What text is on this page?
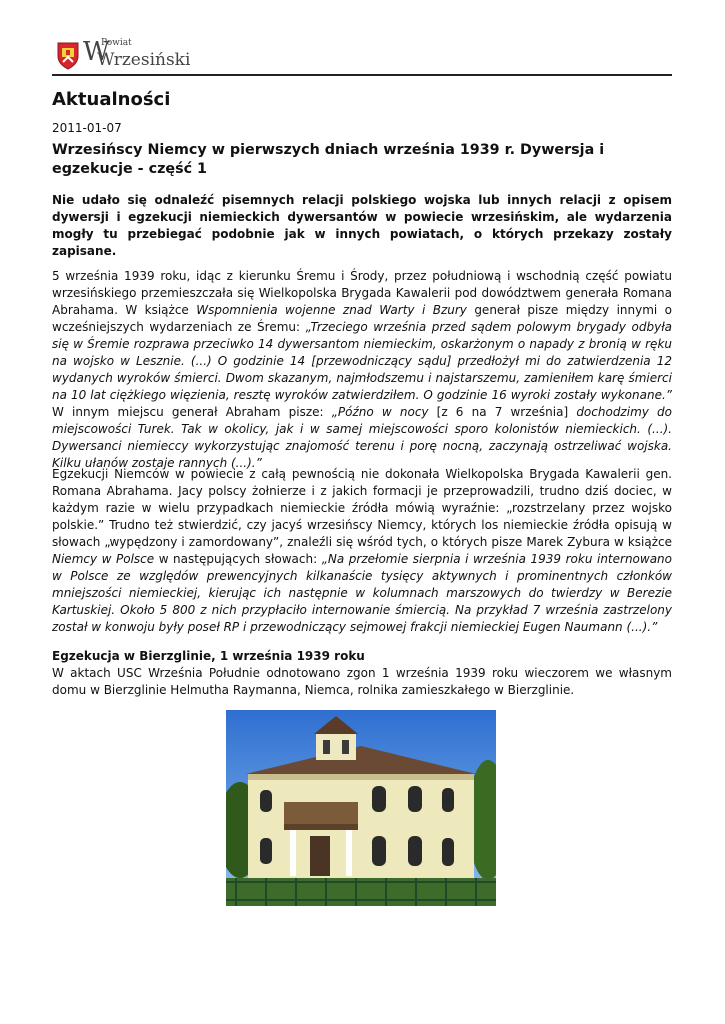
W
Powiat
Wrzesiński
Aktualności
2011-01-07
Wrzesińscy Niemcy w pierwszych dniach września 1939 r. Dywersja i egzekucje - część 1

Nie udało się odnaleźć pisemnych relacji polskiego wojska lub innych relacji z opisem dywersji i egzekucji niemieckich dywersantów w powiecie wrzesińskim, ale wydarzenia mogły tu przebiegać podobnie jak w innych powiatach, o których przekazy zostały zapisane.

5 września 1939 roku, idąc z kierunku Śremu i Środy, przez południową i wschodnią część powiatu wrzesińskiego przemieszczała się Wielkopolska Brygada Kawalerii pod dowództwem generała Romana Abrahama. W książce Wspomnienia wojenne znad Warty i Bzury generał pisze między innymi o wcześniejszych wydarzeniach ze Śremu: „Trzeciego września przed sądem polowym brygady odbyła się w Śremie rozprawa przeciwko 14 dywersantom niemieckim, oskarżonym o napady z bronią w ręku na wojsko w Lesznie. (...) O godzinie 14 [przewodniczący sądu] przedłożył mi do zatwierdzenia 12 wydanych wyroków śmierci. Dwom skazanym, najmłodszemu i najstarszemu, zamieniłem karę śmierci na 10 lat ciężkiego więzienia, resztę wyroków zatwierdziłem. O godzinie 16 wyroki zostały wykonane.” W innym miejscu generał Abraham pisze: „Późno w nocy [z 6 na 7 września] dochodzimy do miejscowości Turek. Tak w okolicy, jak i w samej miejscowości sporo kolonistów niemieckich. (...). Dywersanci niemieccy wykorzystując znajomość terenu i porę nocną, zaczynają ostrzeliwać wojska. Kilku ułanów zostaje rannych (...).”

Egzekucji Niemców w powiecie z całą pewnością nie dokonała Wielkopolska Brygada Kawalerii gen. Romana Abrahama. Jacy polscy żołnierze i z jakich formacji je przeprowadzili, trudno dziś dociec, w każdym razie w wielu przypadkach niemieckie źródła mówią wyraźnie: „rozstrzelany przez wojsko polskie.” Trudno też stwierdzić, czy jacyś wrzesińscy Niemcy, których los niemieckie źródła opisują w słowach „wypędzony i zamordowany”, znaleźli się wśród tych, o których pisze Marek Zybura w książce Niemcy w Polsce w następujących słowach: „Na przełomie sierpnia i września 1939 roku internowano w Polsce ze względów prewencyjnych kilkanaście tysięcy aktywnych i prominentnych członków mniejszości niemieckiej, kierując ich następnie w kolumnach marszowych do twierdzy w Berezie Kartuskiej. Około 5 800 z nich przypłaciło internowanie śmiercią. Na przykład 7 września zastrzelony został w konwoju były poseł RP i przewodniczący sejmowej frakcji niemieckiej Eugen Naumann (...).”

Egzekucja w Bierzglinie, 1 września 1939 roku

W aktach USC Września Południe odnotowano zgon 1 września 1939 roku wieczorem we własnym domu w Bierzglinie Helmutha Raymanna, Niemca, rolnika zamieszkałego w Bierzglinie.
